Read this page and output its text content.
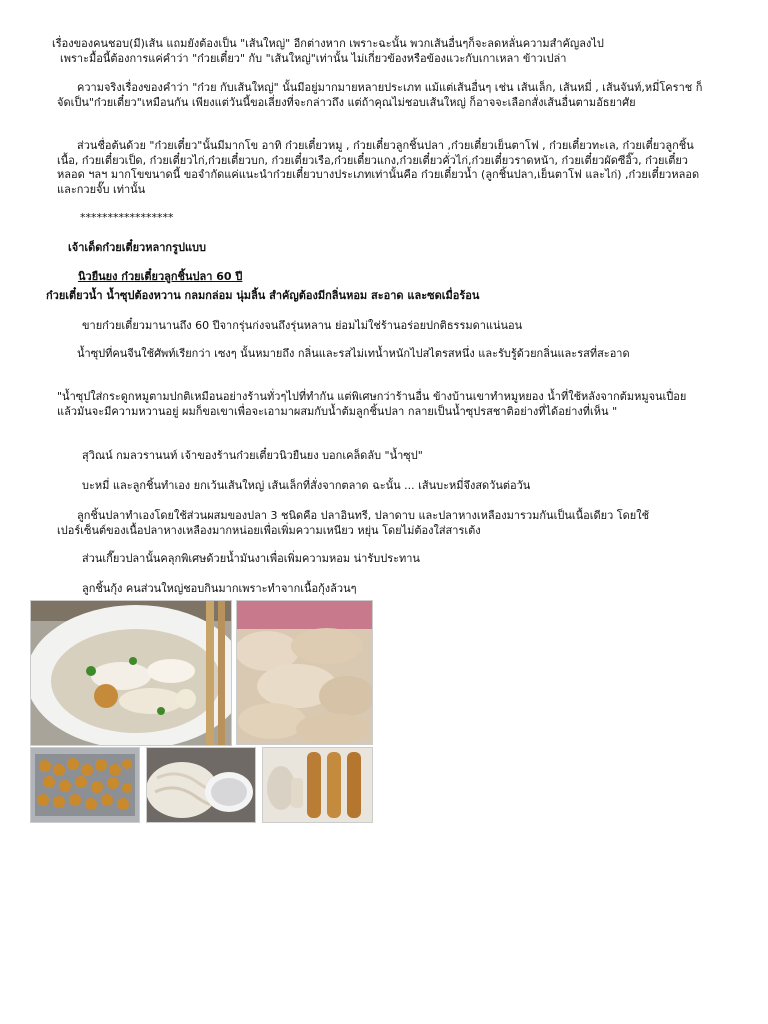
เรื่องของคนชอบ(มี)เส้น แถมยังต้องเป็น "เส้นใหญ่" อีกต่างหาก เพราะฉะนั้น พวกเส้นอื่นๆก็จะลดหลั่นความสำคัญลงไป

เพราะมื้อนี้ต้องการแค่คำว่า "ก๋วยเตี๋ยว" กับ "เส้นใหญ่"เท่านั้น ไม่เกี่ยวข้องหรือข้องแวะกับเกาเหลา ข้าวเปล่า

ความจริงเรื่องของคำว่า "ก๋วย กับเส้นใหญ่" นั้นมีอยู่มากมายหลายประเภท แม้แต่เส้นอื่นๆ เช่น เส้นเล็ก, เส้นหมี่ , เส้นจันท์,หมี่โคราช ก็จัดเป็น"ก๋วยเตี๋ยว"เหมือนกัน เพียงแต่วันนี้ขอเลี่ยงที่จะกล่าวถึง แต่ถ้าคุณไม่ชอบเส้นใหญ่ ก็อาจจะเลือกสั่งเส้นอื่นตามอัธยาศัย

ส่วนชื่อต้นด้วย "ก๋วยเตี๋ยว"นั้นมีมากโข อาทิ ก๋วยเตี๋ยวหมู , ก๋วยเตี๋ยวลูกชิ้นปลา ,ก๋วยเตี๋ยวเย็นตาโฟ , ก๋วยเตี๋ยวทะเล, ก๋วยเตี๋ยวลูกชิ้นเนื้อ, ก๋วยเตี๋ยวเป็ด, ก๋วยเตี๋ยวไก่,ก๋วยเตี๋ยวบก, ก๋วยเตี๋ยวเรือ,ก๋วยเตี๋ยวแกง,ก๋วยเตี๋ยวคั่วไก่,ก๋วยเตี๋ยวราดหน้า, ก๋วยเตี๋ยวผัดซีอิ๊ว, ก๋วยเตี๋ยวหลอด ฯลฯ มากโขขนาดนี้ ขอจำกัดแค่แนะนำก๋วยเตี๋ยวบางประเภทเท่านั้นคือ ก๋วยเตี๋ยวน้ำ (ลูกชิ้นปลา,เย็นตาโฟ และไก่) ,ก๋วยเตี๋ยวหลอด และกวยจั๊บ เท่านั้น

*****************

เจ้าเด็ดก๋วยเตี๋ยวหลากรูปแบบ

นิวยืนยง ก๋วยเตี๋ยวลูกชิ้นปลา 60 ปี

ก๋วยเตี๋ยวน้ำ น้ำซุปต้องหวาน กลมกล่อม นุ่มลิ้น สำคัญต้องมีกลิ่นหอม สะอาด และซดเมื่อร้อน

ขายก๋วยเตี๋ยวมานานถึง 60 ปีจากรุ่นก่งจนถึงรุ่นหลาน ย่อมไม่ใช่ร้านอร่อยปกติธรรมดาแน่นอน

น้ำซุปที่คนจีนใช้ศัพท์เรียกว่า เซงๆ นั้นหมายถึง กลิ่นและรสไม่เทน้ำหนักไปสไตรสหนึ่ง และรับรู้ด้วยกลิ่นและรสที่สะอาด

"น้ำซุปใส่กระดูกหมูตามปกติเหมือนอย่างร้านทั่วๆไปที่ทำกัน แต่พิเศษกว่าร้านอื่น ข้างบ้านเขาทำหมูหยอง น้ำที่ใช้หลังจากต้มหมูจนเปื่อย แล้วมันจะมีความหวานอยู่ ผมก็ขอเขาเพื่อจะเอามาผสมกับน้ำต้มลูกชิ้นปลา กลายเป็นน้ำซุปรสชาติอย่างที่ได้อย่างที่เห็น "

สุวิณน์ กมลวรานนท์ เจ้าของร้านก๋วยเตี๋ยวนิวยืนยง บอกเคล็ดลับ "น้ำซุป"

บะหมี่ และลูกชิ้นทำเอง ยกเว้นเส้นใหญ่ เส้นเล็กที่สั่งจากตลาด ฉะนั้น ... เส้นบะหมี่จึงสดวันต่อวัน

ลูกชิ้นปลาทำเองโดยใช้ส่วนผสมของปลา 3 ชนิดคือ ปลาอินทรี, ปลาดาบ และปลาหางเหลืองมารวมกันเป็นเนื้อเดียว โดยใช้เปอร์เซ็นต์ของเนื้อปลาหางเหลืองมากหน่อยเพื่อเพิ่มความเหนียว หยุ่น โดยไม่ต้องใส่สารเต้ง

ส่วนเกี๊ยวปลานั้นคลุกพิเศษด้วยน้ำมันงาเพื่อเพิ่มความหอม น่ารับประทาน

ลูกชิ้นกุ้ง คนส่วนใหญ่ชอบกินมากเพราะทำจากเนื้อกุ้งล้วนๆ
